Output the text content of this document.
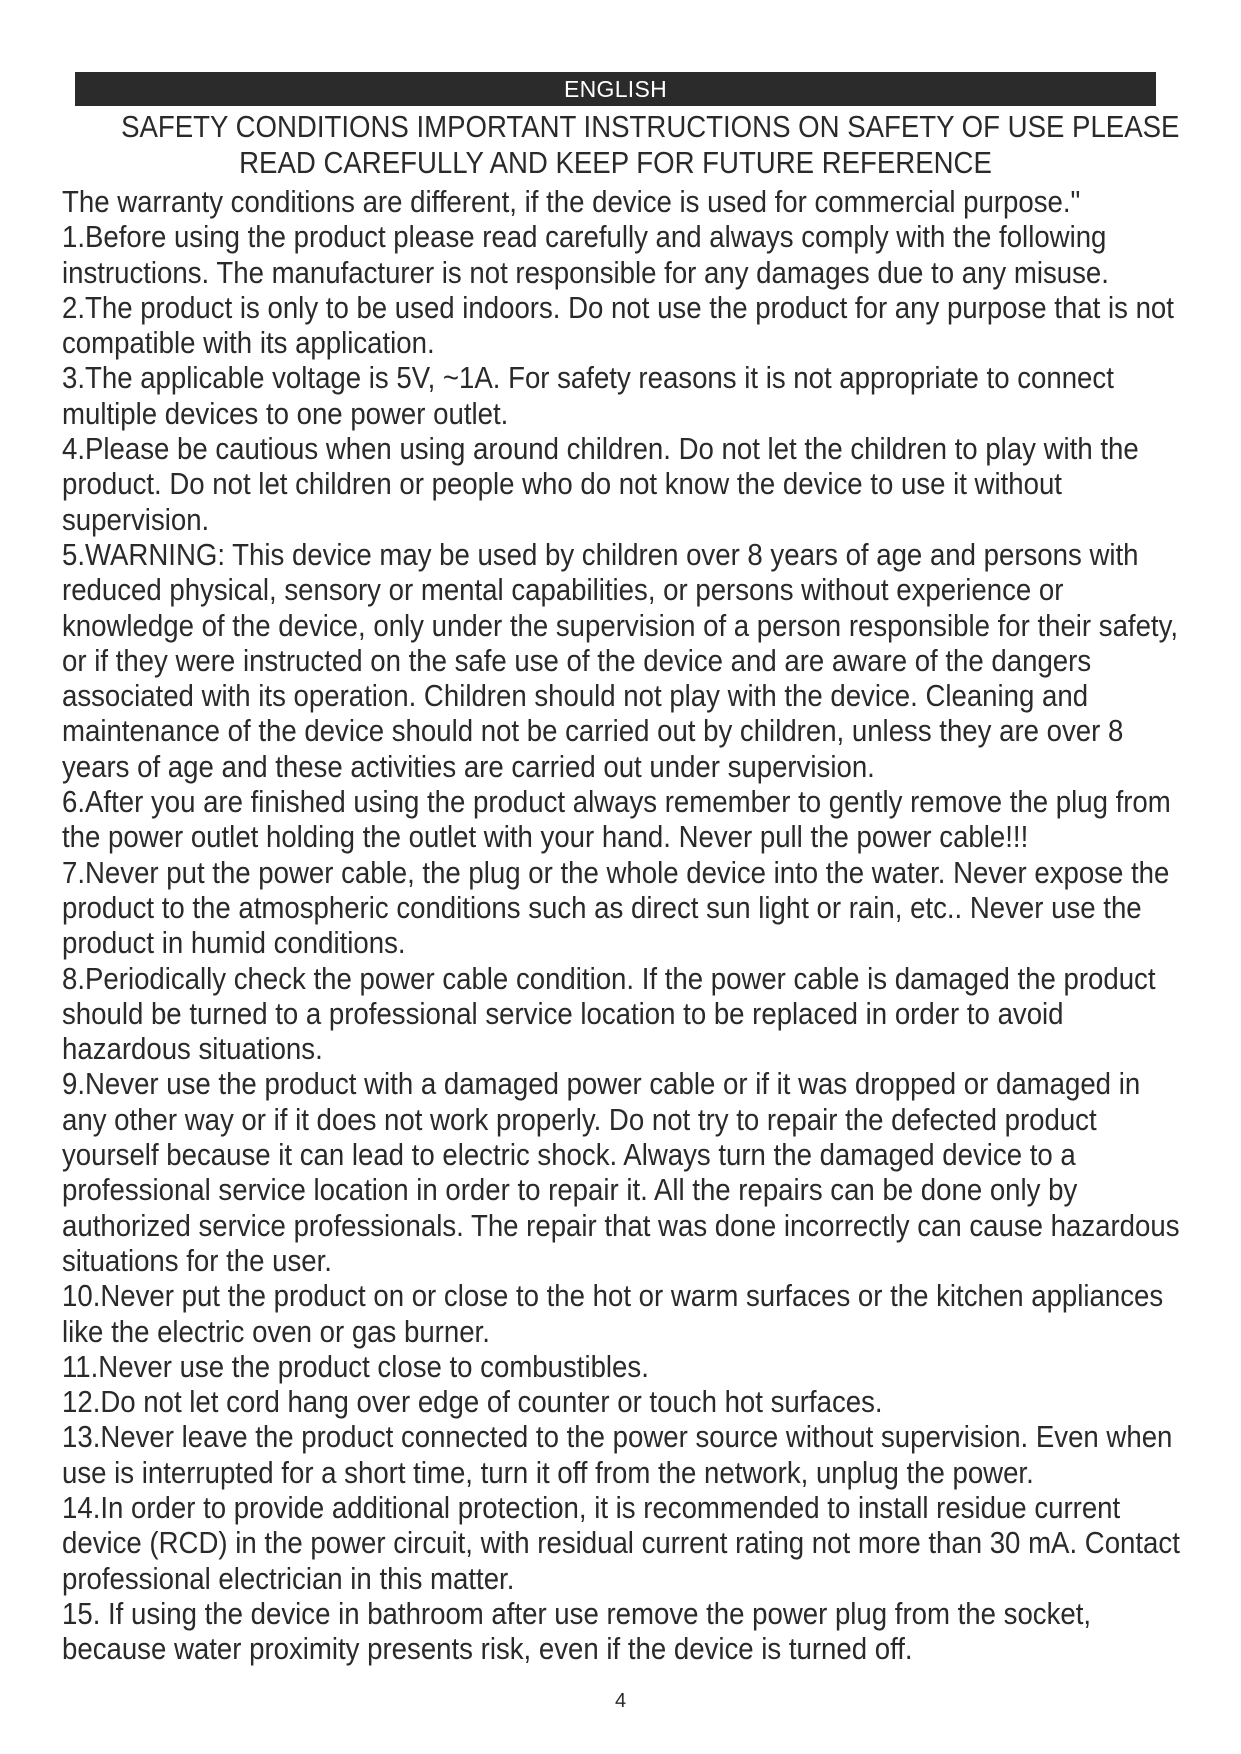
ENGLISH
SAFETY CONDITIONS IMPORTANT INSTRUCTIONS ON SAFETY OF USE PLEASE
READ CAREFULLY AND KEEP FOR FUTURE REFERENCE
The warranty conditions are different, if the device is used for commercial purpose."
1.Before using the product please read carefully and always comply with the following
instructions. The manufacturer is not responsible for any damages due to any misuse.
2.The product is only to be used indoors. Do not use the product for any purpose that is not
compatible with its application.
3.The applicable voltage is 5V, ~1A. For safety reasons it is not appropriate to connect
multiple devices to one power outlet.
4.Please be cautious when using around children. Do not let the children to play with the
product. Do not let children or people who do not know the device to use it without
supervision.
5.WARNING: This device may be used by children over 8 years of age and persons with
reduced physical, sensory or mental capabilities, or persons without experience or
knowledge of the device, only under the supervision of a person responsible for their safety,
or if they were instructed on the safe use of the device and are aware of the dangers
associated with its operation. Children should not play with the device. Cleaning and
maintenance of the device should not be carried out by children, unless they are over 8
years of age and these activities are carried out under supervision.
6.After you are finished using the product always remember to gently remove the plug from
the power outlet holding the outlet with your hand. Never pull the power cable!!!
7.Never put the power cable, the plug or the whole device into the water. Never expose the
product to the atmospheric conditions such as direct sun light or rain, etc.. Never use the
product in humid conditions.
8.Periodically check the power cable condition. If the power cable is damaged the product
should be turned to a professional service location to be replaced in order to avoid
hazardous situations.
9.Never use the product with a damaged power cable or if it was dropped or damaged in
any other way or if it does not work properly. Do not try to repair the defected product
yourself because it can lead to electric shock. Always turn the damaged device to a
professional service location in order to repair it. All the repairs can be done only by
authorized service professionals. The repair that was done incorrectly can cause hazardous
situations for the user.
10.Never put the product on or close to the hot or warm surfaces or the kitchen appliances
like the electric oven or gas burner.
11.Never use the product close to combustibles.
12.Do not let cord hang over edge of counter or touch hot surfaces.
13.Never leave the product connected to the power source without supervision. Even when
use is interrupted for a short time, turn it off from the network, unplug the power.
14.In order to provide additional protection, it is recommended to install residue current
device (RCD) in the power circuit, with residual current rating not more than 30 mA. Contact
professional electrician in this matter.
15. If using the device in bathroom after use remove the power plug from the socket,
because water proximity presents risk, even if the device is turned off.
4
